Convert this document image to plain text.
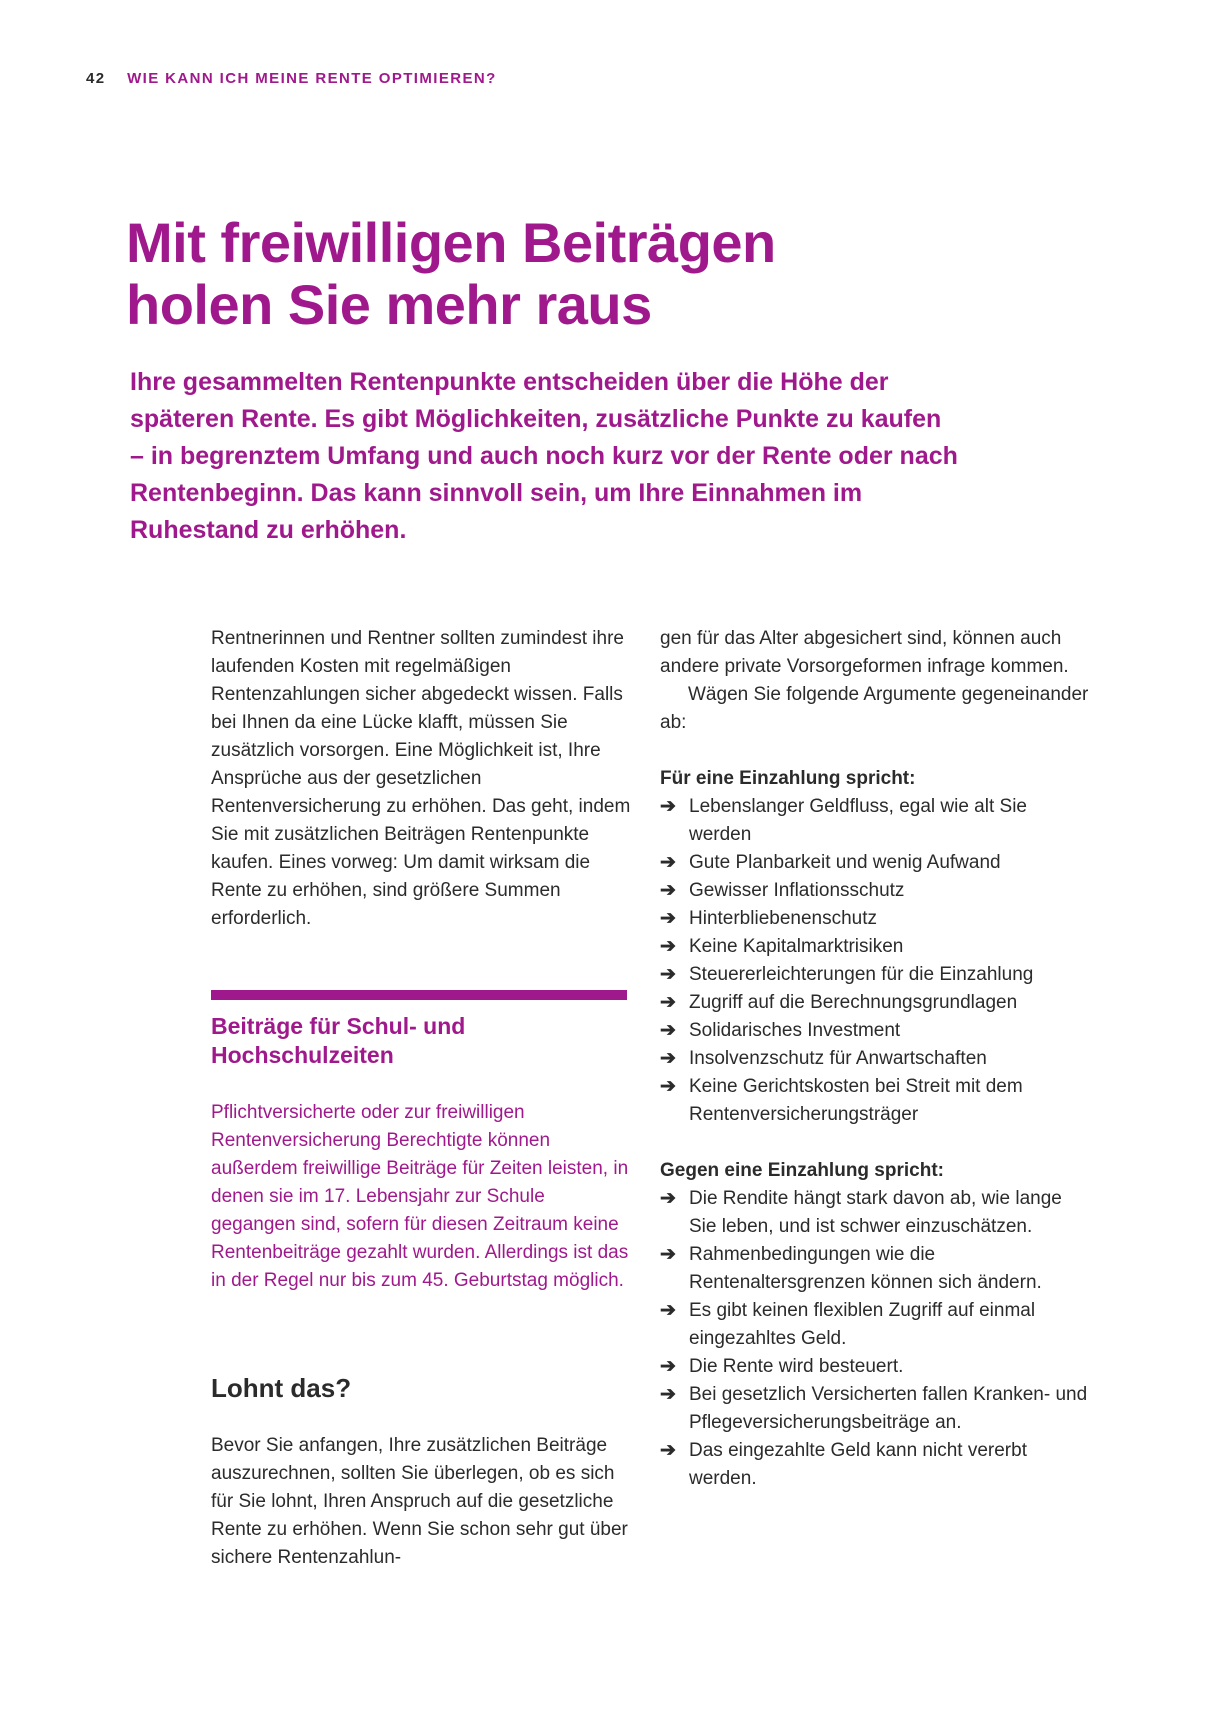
42 WIE KANN ICH MEINE RENTE OPTIMIEREN?
Mit freiwilligen Beiträgen
holen Sie mehr raus

Ihre gesammelten Rentenpunkte entscheiden über die Höhe der späteren Rente. Es gibt Möglichkeiten, zusätzliche Punkte zu kaufen – in begrenztem Umfang und auch noch kurz vor der Rente oder nach Rentenbeginn. Das kann sinnvoll sein, um Ihre Einnahmen im Ruhestand zu erhöhen.

Rentnerinnen und Rentner sollten zumindest ihre laufenden Kosten mit regelmäßigen Rentenzahlungen sicher abgedeckt wissen. Falls bei Ihnen da eine Lücke klafft, müssen Sie zusätzlich vorsorgen. Eine Möglichkeit ist, Ihre Ansprüche aus der gesetzlichen Rentenversicherung zu erhöhen. Das geht, indem Sie mit zusätzlichen Beiträgen Rentenpunkte kaufen. Eines vorweg: Um damit wirksam die Rente zu erhöhen, sind größere Summen erforderlich.

Beiträge für Schul- und Hochschulzeiten

Pflichtversicherte oder zur freiwilligen Rentenversicherung Berechtigte können außerdem freiwillige Beiträge für Zeiten leisten, in denen sie im 17. Lebensjahr zur Schule gegangen sind, sofern für diesen Zeitraum keine Rentenbeiträge gezahlt wurden. Allerdings ist das in der Regel nur bis zum 45. Geburtstag möglich.

Lohnt das?

Bevor Sie anfangen, Ihre zusätzlichen Beiträge auszurechnen, sollten Sie überlegen, ob es sich für Sie lohnt, Ihren Anspruch auf die gesetzliche Rente zu erhöhen. Wenn Sie schon sehr gut über sichere Rentenzahlun-

gen für das Alter abgesichert sind, können auch andere private Vorsorgeformen infrage kommen.

Wägen Sie folgende Argumente gegeneinander ab:

Für eine Einzahlung spricht:

➔ Lebenslanger Geldfluss, egal wie alt Sie werden
➔ Gute Planbarkeit und wenig Aufwand
➔ Gewisser Inflationsschutz
➔ Hinterbliebenenschutz
➔ Keine Kapitalmarktrisiken
➔ Steuererleichterungen für die Einzahlung
➔ Zugriff auf die Berechnungsgrundlagen
➔ Solidarisches Investment
➔ Insolvenzschutz für Anwartschaften
➔ Keine Gerichtskosten bei Streit mit dem Rentenversicherungsträger

Gegen eine Einzahlung spricht:

➔ Die Rendite hängt stark davon ab, wie lange Sie leben, und ist schwer einzuschätzen.
➔ Rahmenbedingungen wie die Rentenaltersgrenzen können sich ändern.
➔ Es gibt keinen flexiblen Zugriff auf einmal eingezahltes Geld.
➔ Die Rente wird besteuert.
➔ Bei gesetzlich Versicherten fallen Kranken- und Pflegeversicherungsbeiträge an.
➔ Das eingezahlte Geld kann nicht vererbt werden.
